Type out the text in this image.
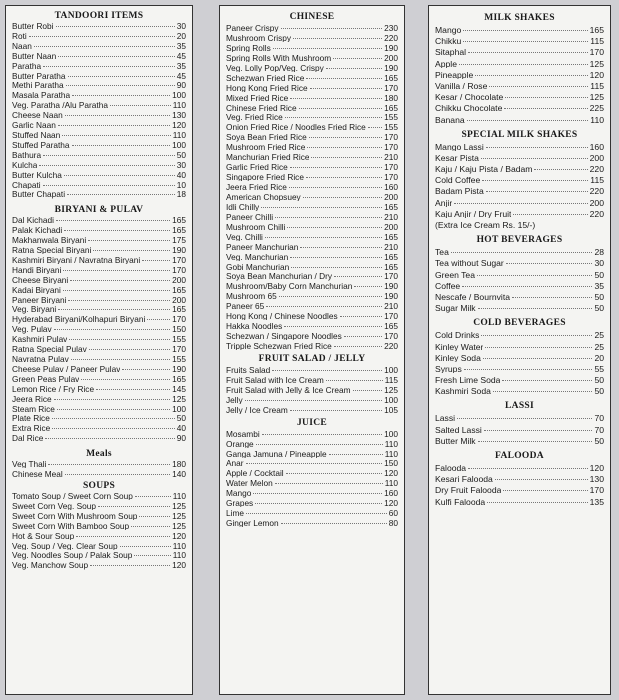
TANDOORI ITEMS
Butter Robi	30
Roti	20
Naan	35
Butter Naan	45
Paratha	35
Butter Paratha	45
Methi Paratha	90
Masala Paratha	100
Veg. Paratha /Alu Paratha	110
Cheese Naan	130
Garlic Naan	120
Stuffed Naan	110
Stuffed Paratha	100
Bathura	50
Kulcha	30
Butter Kulcha	40
Chapati	10
Butter Chapati	18
BIRYANI & PULAV
Dal Kichadi	165
Palak Kichadi	165
Makhanwala Biryani	175
Ratna Special Biryani	190
Kashmiri Biryani / Navratna Biryani	170
Handi Biryani	170
Cheese Biryani	200
Kadai Biryani	165
Paneer Biryani	200
Veg. Biryani	165
Hyderabad Biryani/Kolhapuri Biryani	170
Veg. Pulav	150
Kashmiri Pulav	155
Ratna Special Pulav	170
Navratna Pulav	155
Cheese Pulav / Paneer Pulav	190
Green Peas Pulav	165
Lemon Rice / Fry Rice	145
Jeera Rice	125
Steam Rice	100
Plate Rice	50
Extra Rice	40
Dal Rice	90
Meals
Veg Thali	180
Chinese Meal	140
SOUPS
Tomato Soup / Sweet Corn Soup	110
Sweet Corn Veg. Soup	125
Sweet Corn With Mushroom Soup	125
Sweet Corn With Bamboo Soup	125
Hot & Sour Soup	120
Veg. Soup / Veg. Clear Soup	110
Veg. Noodles Soup / Palak Soup	110
Veg. Manchow Soup	120
CHINESE
Paneer Crispy	230
Mushroom Crispy	220
Spring Rolls	190
Spring Rolls With Mushroom	200
Veg. Lolly Pop/Veg. Crispy	190
Schezwan Fried Rice	165
Hong Kong Fried Rice	170
Mixed Fried Rice	180
Chinese Fried Rice	165
Veg. Fried Rice	155
Onion Fried Rice / Noodles Fried Rice 155
Soya Bean Fried Rice	170
Mushroom Fried Rice	170
Manchurian Fried Rice	210
Garlic Fried Rice	170
Singapore Fried Rice	170
Jeera Fried Rice	160
American Chopsuey	200
Idli Chilly	165
Paneer Chilli	210
Mushroom Chilli	200
Veg. Chilli	165
Paneer Manchurian	210
Veg. Manchurian	165
Gobi Manchurian	165
Soya Bean Manchurian / Dry	170
Mushroom/Baby Corn Manchurian	190
Mushroom 65	190
Paneer 65	210
Hong Kong / Chinese Noodles	170
Hakka Noodles	165
Schezwan / Singapore Noodles	170
Tripple Schezwan Fried Rice	220
FRUIT SALAD / JELLY
Fruits Salad	100
Fruit Salad with Ice Cream	115
Fruit Salad with Jelly & Ice Cream	125
Jelly	100
Jelly / Ice Cream	105
JUICE
Mosambi	100
Orange	110
Ganga Jamuna / Pineapple	110
Anar	150
Apple / Cocktail	120
Water Melon	110
Mango	160
Grapes	120
Lime	60
Ginger Lemon	80
MILK SHAKES
Mango	165
Chikku	115
Sitaphal	170
Apple	125
Pineapple	120
Vanilla / Rose	115
Kesar / Chocolate	125
Chikku Chocolate	225
Banana	110
SPECIAL MILK SHAKES
Mango Lassi	160
Kesar Pista	200
Kaju / Kaju Pista / Badam	220
Cold Coffee	115
Badam Pista	220
Anjir	200
Kaju Anjir / Dry Fruit	220
(Extra Ice Cream Rs. 15/-)
HOT BEVERAGES
Tea	28
Tea without Sugar	30
Green Tea	50
Coffee	35
Nescafe / Bournvita	50
Sugar Milk	50
COLD BEVERAGES
Cold Drinks	25
Kinley Water	25
Kinley Soda	20
Syrups	55
Fresh Lime Soda	50
Kashmiri Soda	50
LASSI
Lassi	70
Salted Lassi	70
Butter Milk	50
FALOODA
Falooda	120
Kesari Falooda	130
Dry Fruit Falooda	170
Kulfi Falooda	135
